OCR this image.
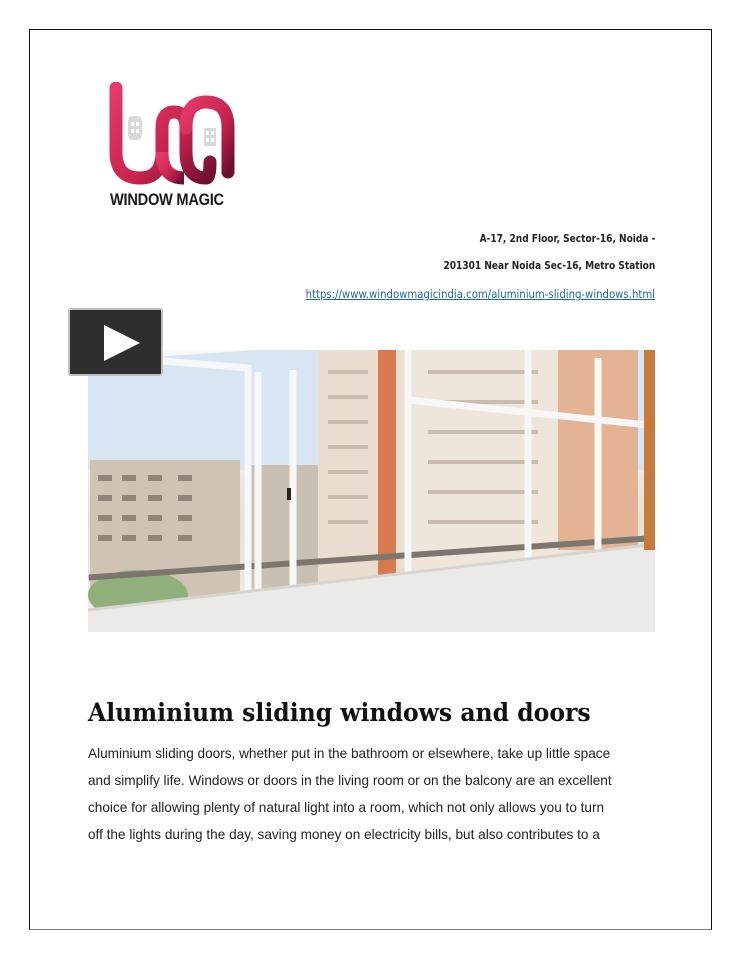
WINDOW MAGIC
A-17, 2nd Floor, Sector-16, Noida -
201301 Near Noida Sec-16, Metro Station
https://www.windowmagicindia.com/aluminium-sliding-windows.html
Aluminium sliding windows and doors
Aluminium sliding doors, whether put in the bathroom or elsewhere, take up little space
and simplify life. Windows or doors in the living room or on the balcony are an excellent
choice for allowing plenty of natural light into a room, which not only allows you to turn
off the lights during the day, saving money on electricity bills, but also contributes to a
